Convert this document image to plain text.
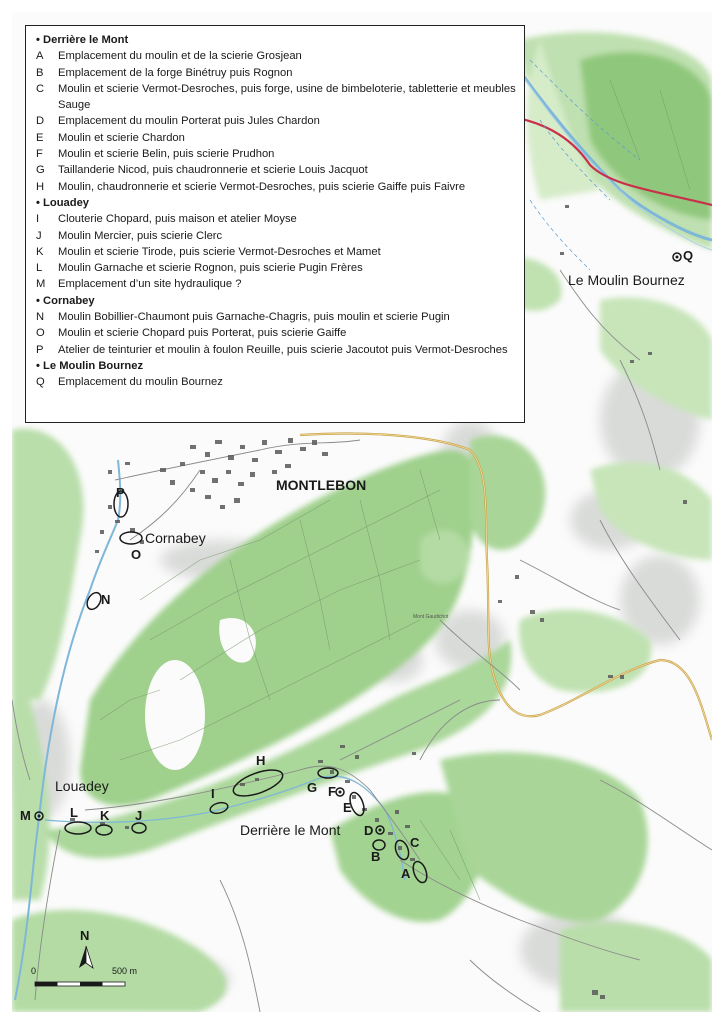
• Derrière le Mont
A	Emplacement du moulin et de la scierie Grosjean
B	Emplacement de la forge Binétruy puis Rognon
C	Moulin et scierie Vermot-Desroches, puis forge, usine de bimbeloterie, tabletterie et meubles Sauge
D	Emplacement du moulin Porterat puis Jules Chardon
E	Moulin et scierie Chardon
F	Moulin et scierie Belin, puis scierie Prudhon
G	Taillanderie Nicod, puis chaudronnerie et scierie Louis Jacquot
H	Moulin, chaudronnerie et scierie Vermot-Desroches, puis scierie Gaiffe puis Faivre
• Louadey
I	Clouterie Chopard, puis maison et atelier Moyse
J	Moulin Mercier, puis scierie Clerc
K	Moulin et scierie Tirode, puis scierie Vermot-Desroches et Mamet
L	Moulin Garnache et scierie Rognon, puis scierie Pugin Frères
M	Emplacement d’un site hydraulique ?
• Cornabey
N	Moulin Bobillier-Chaumont puis Garnache-Chagris, puis moulin et scierie Pugin
O	Moulin et scierie Chopard puis Porterat, puis scierie Gaiffe
P	Atelier de teinturier et moulin à foulon Reuille, puis scierie Jacoutot puis Vermot-Desroches
• Le Moulin Bournez
Q	Emplacement du moulin Bournez
MONTLEBON
Cornabey
Louadey
Derrière le Mont
Le Moulin Bournez
Mont Gaudichot
A
B
C
D
E
F
G
H
I
J
K
L
M
N
O
P
Q
N
0	500 m
